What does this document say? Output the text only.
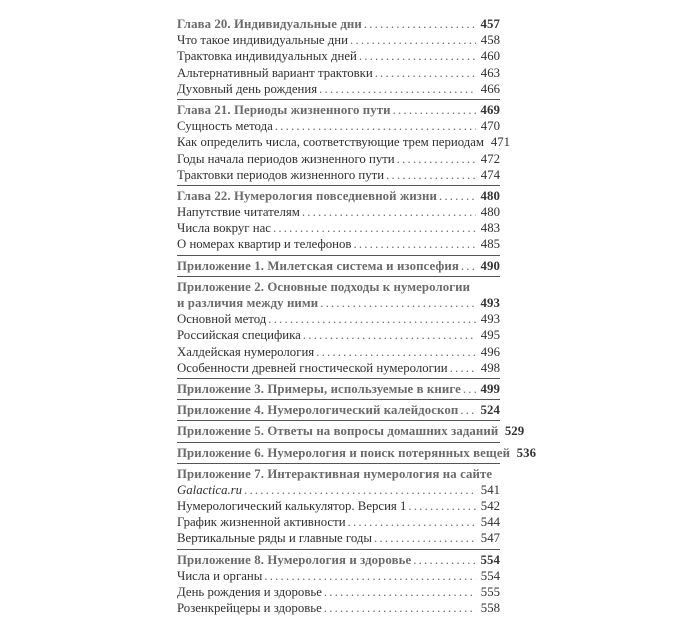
Глава 20. Индивидуальные дни . . .	457
Что такое индивидуальные дни . . .	458
Трактовка индивидуальных дней . . .	460
Альтернативный вариант трактовки . . .	463
Духовный день рождения . . .	466
Глава 21. Периоды жизненного пути . . .	469
Сущность метода . . .	470
Как определить числа, соответствующие трем периодам 471
Годы начала периодов жизненного пути . . .	472
Трактовки периодов жизненного пути . . .	474
Глава 22. Нумерология повседневной жизни . . .	480
Напутствие читателям . . .	480
Числа вокруг нас . . .	483
О номерах квартир и телефонов . . .	485
Приложение 1. Милетская система и изопсефия . . . 490
Приложение 2. Основные подходы к нумерологии
и различия между ними . . .	493
Основной метод . . .	493
Российская специфика . . .	495
Халдейская нумерология . . .	496
Особенности древней гностической нумерологии . . .	498
Приложение 3. Примеры, используемые в книге . . . 499
Приложение 4. Нумерологический калейдоскоп . . . 524
Приложение 5. Ответы на вопросы домашних заданий 529
Приложение 6. Нумерология и поиск потерянных вещей 536
Приложение 7. Интерактивная нумерология на сайте
Galactica.ru . . .	541
Нумерологический калькулятор. Версия 1 . . .	542
График жизненной активности . . .	544
Вертикальные ряды и главные годы . . .	547
Приложение 8. Нумерология и здоровье . . .	554
Числа и органы . . .	554
День рождения и здоровье . . .	555
Розенкрейцеры и здоровье . . .	558
